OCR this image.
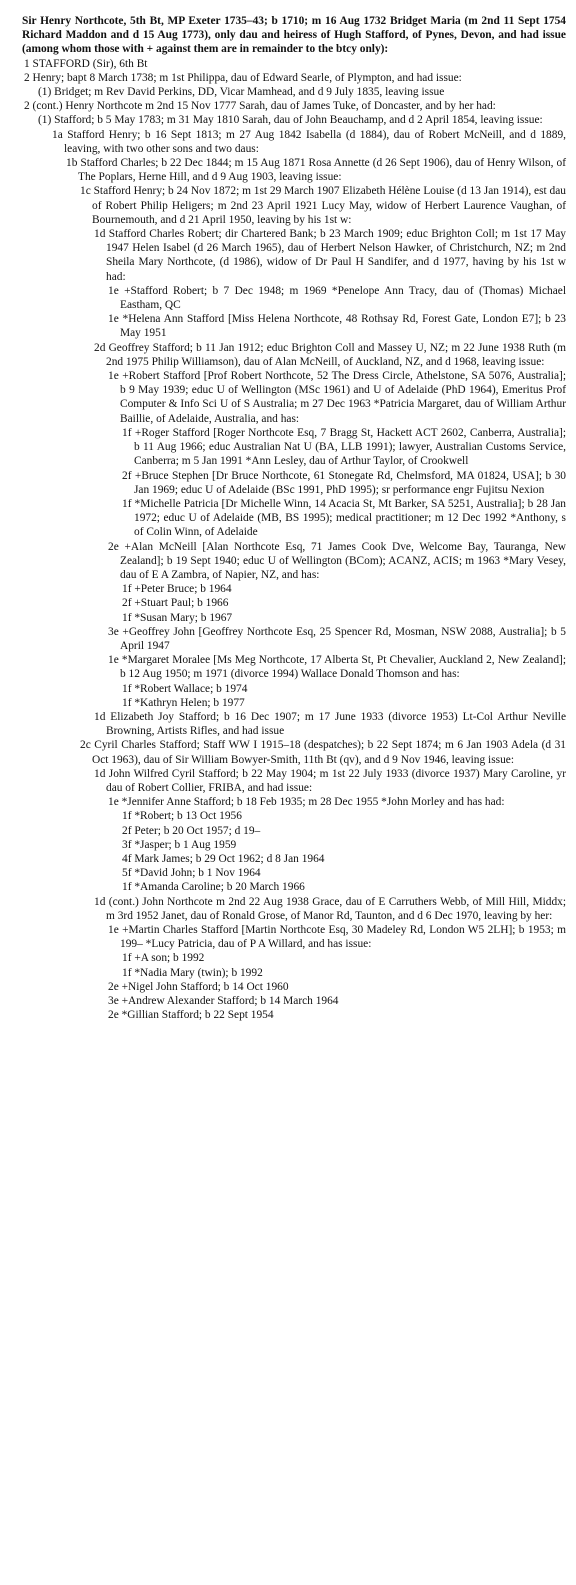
Sir Henry Northcote, 5th Bt, MP Exeter 1735–43; b 1710; m 16 Aug 1732 Bridget Maria (m 2nd 11 Sept 1754 Richard Maddon and d 15 Aug 1773), only dau and heiress of Hugh Stafford, of Pynes, Devon, and had issue (among whom those with + against them are in remainder to the btcy only):

1 STAFFORD (Sir), 6th Bt

2 Henry; bapt 8 March 1738; m 1st Philippa, dau of Edward Searle, of Plympton, and had issue:

(1) Bridget; m Rev David Perkins, DD, Vicar Mamhead, and d 9 July 1835, leaving issue

2 (cont.) Henry Northcote m 2nd 15 Nov 1777 Sarah, dau of James Tuke, of Doncaster, and by her had:

(1) Stafford; b 5 May 1783; m 31 May 1810 Sarah, dau of John Beauchamp, and d 2 April 1854, leaving issue:

1a Stafford Henry; b 16 Sept 1813; m 27 Aug 1842 Isabella (d 1884), dau of Robert McNeill, and d 1889, leaving, with two other sons and two daus:

1b Stafford Charles; b 22 Dec 1844; m 15 Aug 1871 Rosa Annette (d 26 Sept 1906), dau of Henry Wilson, of The Poplars, Herne Hill, and d 9 Aug 1903, leaving issue:

1c Stafford Henry; b 24 Nov 1872; m 1st 29 March 1907 Elizabeth Hélène Louise (d 13 Jan 1914), est dau of Robert Philip Heligers; m 2nd 23 April 1921 Lucy May, widow of Herbert Laurence Vaughan, of Bournemouth, and d 21 April 1950, leaving by his 1st w:

1d Stafford Charles Robert; dir Chartered Bank; b 23 March 1909; educ Brighton Coll; m 1st 17 May 1947 Helen Isabel (d 26 March 1965), dau of Herbert Nelson Hawker, of Christchurch, NZ; m 2nd Sheila Mary Northcote, (d 1986), widow of Dr Paul H Sandifer, and d 1977, having by his 1st w had:

1e +Stafford Robert; b 7 Dec 1948; m 1969 *Penelope Ann Tracy, dau of (Thomas) Michael Eastham, QC

1e *Helena Ann Stafford [Miss Helena Northcote, 48 Rothsay Rd, Forest Gate, London E7]; b 23 May 1951

2d Geoffrey Stafford; b 11 Jan 1912; educ Brighton Coll and Massey U, NZ; m 22 June 1938 Ruth (m 2nd 1975 Philip Williamson), dau of Alan McNeill, of Auckland, NZ, and d 1968, leaving issue:

1e +Robert Stafford [Prof Robert Northcote, 52 The Dress Circle, Athelstone, SA 5076, Australia]; b 9 May 1939; educ U of Wellington (MSc 1961) and U of Adelaide (PhD 1964), Emeritus Prof Computer & Info Sci U of S Australia; m 27 Dec 1963 *Patricia Margaret, dau of William Arthur Baillie, of Adelaide, Australia, and has:

1f +Roger Stafford [Roger Northcote Esq, 7 Bragg St, Hackett ACT 2602, Canberra, Australia]; b 11 Aug 1966; educ Australian Nat U (BA, LLB 1991); lawyer, Australian Customs Service, Canberra; m 5 Jan 1991 *Ann Lesley, dau of Arthur Taylor, of Crookwell

2f +Bruce Stephen [Dr Bruce Northcote, 61 Stonegate Rd, Chelmsford, MA 01824, USA]; b 30 Jan 1969; educ U of Adelaide (BSc 1991, PhD 1995); sr performance engr Fujitsu Nexion

1f *Michelle Patricia [Dr Michelle Winn, 14 Acacia St, Mt Barker, SA 5251, Australia]; b 28 Jan 1972; educ U of Adelaide (MB, BS 1995); medical practitioner; m 12 Dec 1992 *Anthony, s of Colin Winn, of Adelaide

2e +Alan McNeill [Alan Northcote Esq, 71 James Cook Dve, Welcome Bay, Tauranga, New Zealand]; b 19 Sept 1940; educ U of Wellington (BCom); ACANZ, ACIS; m 1963 *Mary Vesey, dau of E A Zambra, of Napier, NZ, and has:

1f +Peter Bruce; b 1964

2f +Stuart Paul; b 1966

1f *Susan Mary; b 1967

3e +Geoffrey John [Geoffrey Northcote Esq, 25 Spencer Rd, Mosman, NSW 2088, Australia]; b 5 April 1947

1e *Margaret Moralee [Ms Meg Northcote, 17 Alberta St, Pt Chevalier, Auckland 2, New Zealand]; b 12 Aug 1950; m 1971 (divorce 1994) Wallace Donald Thomson and has:

1f *Robert Wallace; b 1974

1f *Kathryn Helen; b 1977

1d Elizabeth Joy Stafford; b 16 Dec 1907; m 17 June 1933 (divorce 1953) Lt-Col Arthur Neville Browning, Artists Rifles, and had issue

2c Cyril Charles Stafford; Staff WW I 1915–18 (despatches); b 22 Sept 1874; m 6 Jan 1903 Adela (d 31 Oct 1963), dau of Sir William Bowyer-Smith, 11th Bt (qv), and d 9 Nov 1946, leaving issue:

1d John Wilfred Cyril Stafford; b 22 May 1904; m 1st 22 July 1933 (divorce 1937) Mary Caroline, yr dau of Robert Collier, FRIBA, and had issue:

1e *Jennifer Anne Stafford; b 18 Feb 1935; m 28 Dec 1955 *John Morley and has had:

1f *Robert; b 13 Oct 1956

2f Peter; b 20 Oct 1957; d 19–

3f *Jasper; b 1 Aug 1959

4f Mark James; b 29 Oct 1962; d 8 Jan 1964

5f *David John; b 1 Nov 1964

1f *Amanda Caroline; b 20 March 1966

1d (cont.) John Northcote m 2nd 22 Aug 1938 Grace, dau of E Carruthers Webb, of Mill Hill, Middx; m 3rd 1952 Janet, dau of Ronald Grose, of Manor Rd, Taunton, and d 6 Dec 1970, leaving by her:

1e +Martin Charles Stafford [Martin Northcote Esq, 30 Madeley Rd, London W5 2LH]; b 1953; m 199– *Lucy Patricia, dau of P A Willard, and has issue:

1f +A son; b 1992

1f *Nadia Mary (twin); b 1992

2e +Nigel John Stafford; b 14 Oct 1960

3e +Andrew Alexander Stafford; b 14 March 1964

2e *Gillian Stafford; b 22 Sept 1954
